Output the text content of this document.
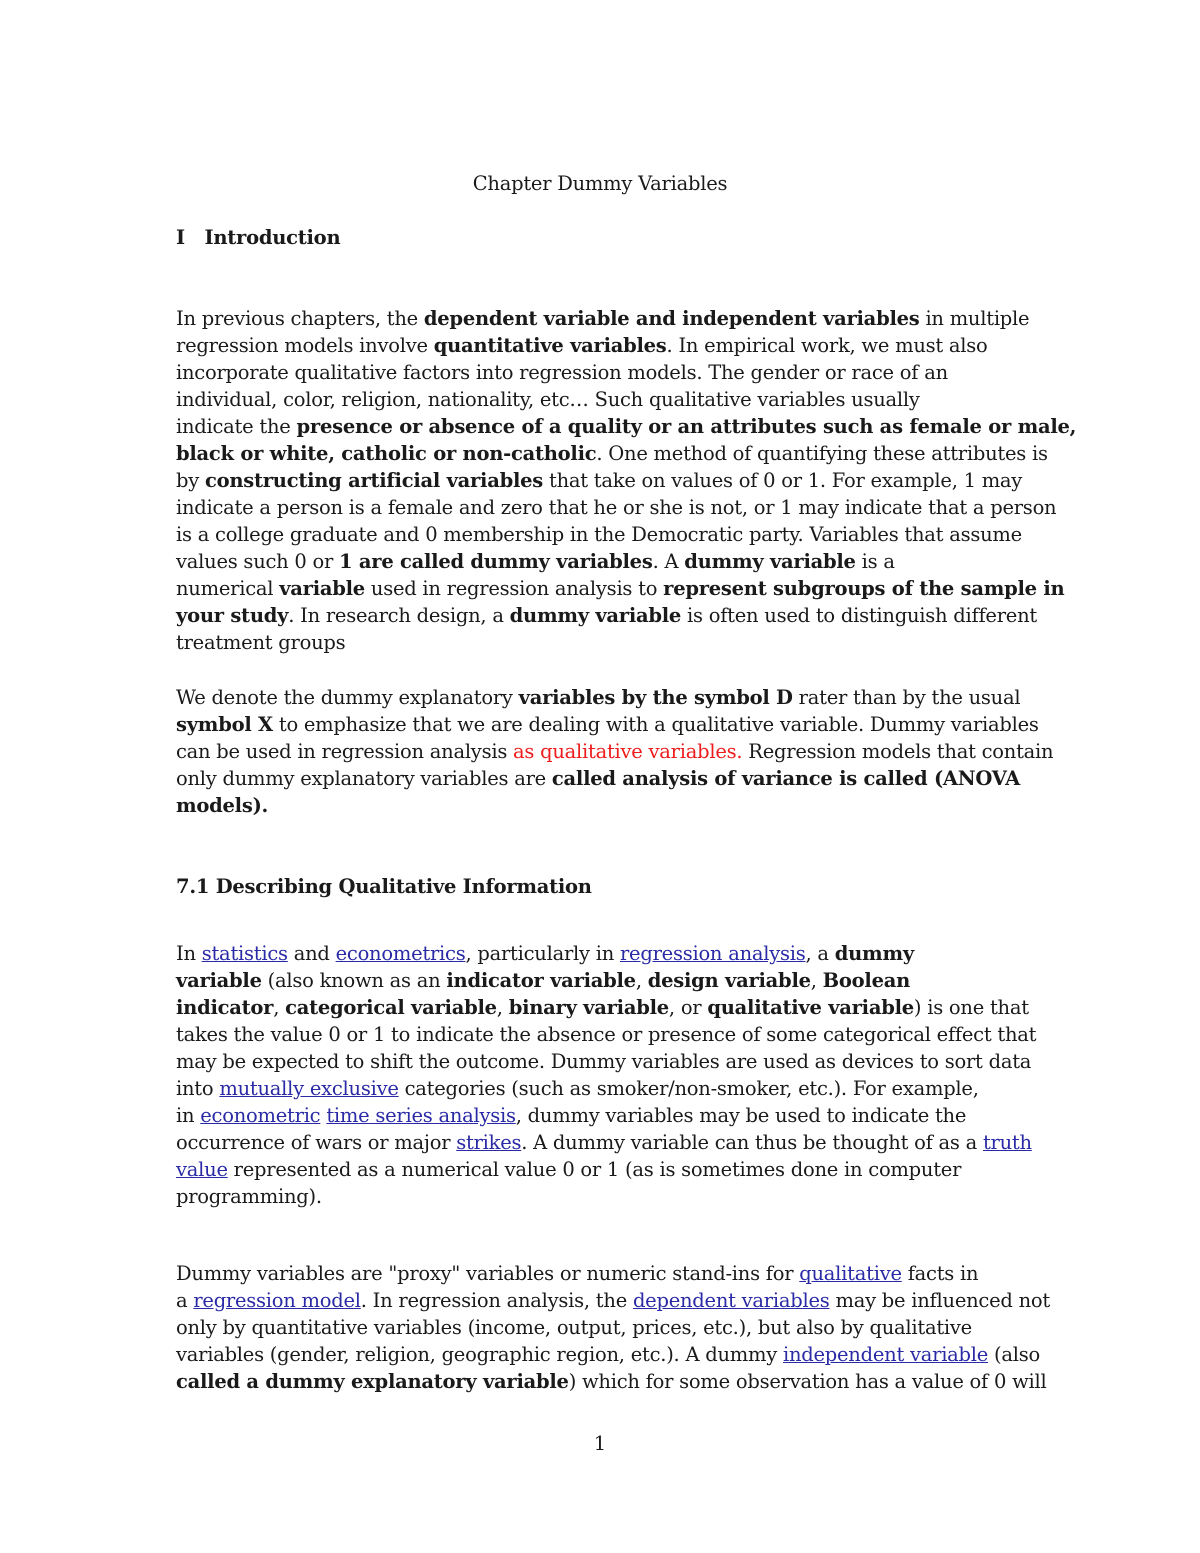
Chapter Dummy Variables
I Introduction
In previous chapters, the dependent variable and independent variables in multiple
regression models involve quantitative variables. In empirical work, we must also
incorporate qualitative factors into regression models. The gender or race of an
individual, color, religion, nationality, etc… Such qualitative variables usually
indicate the presence or absence of a quality or an attributes such as female or male,
black or white, catholic or non-catholic. One method of quantifying these attributes is
by constructing artificial variables that take on values of 0 or 1. For example, 1 may
indicate a person is a female and zero that he or she is not, or 1 may indicate that a person
is a college graduate and 0 membership in the Democratic party. Variables that assume
values such 0 or 1 are called dummy variables. A dummy variable is a
numerical variable used in regression analysis to represent subgroups of the sample in
your study. In research design, a dummy variable is often used to distinguish different
treatment groups
We denote the dummy explanatory variables by the symbol D rater than by the usual
symbol X to emphasize that we are dealing with a qualitative variable. Dummy variables
can be used in regression analysis as qualitative variables. Regression models that contain
only dummy explanatory variables are called analysis of variance is called (ANOVA
models).
7.1 Describing Qualitative Information
In statistics and econometrics, particularly in regression analysis, a dummy
variable (also known as an indicator variable, design variable, Boolean
indicator, categorical variable, binary variable, or qualitative variable) is one that
takes the value 0 or 1 to indicate the absence or presence of some categorical effect that
may be expected to shift the outcome. Dummy variables are used as devices to sort data
into mutually exclusive categories (such as smoker/non-smoker, etc.). For example,
in econometric time series analysis, dummy variables may be used to indicate the
occurrence of wars or major strikes. A dummy variable can thus be thought of as a truth
value represented as a numerical value 0 or 1 (as is sometimes done in computer
programming).
Dummy variables are "proxy" variables or numeric stand-ins for qualitative facts in
a regression model. In regression analysis, the dependent variables may be influenced not
only by quantitative variables (income, output, prices, etc.), but also by qualitative
variables (gender, religion, geographic region, etc.). A dummy independent variable (also
called a dummy explanatory variable) which for some observation has a value of 0 will
1
